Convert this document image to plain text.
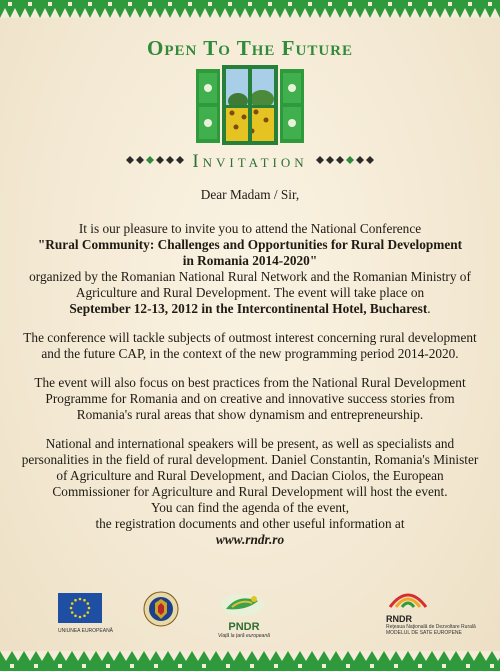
Open To The Future
Invitation

Dear Madam / Sir,

It is our pleasure to invite you to attend the National Conference

"Rural Community: Challenges and Opportunities for Rural Development

in Romania 2014-2020"

organized by the Romanian National Rural Network and the Romanian Ministry of

Agriculture and Rural Development. The event will take place on

September 12-13, 2012 in the Intercontinental Hotel, Bucharest.

The conference will tackle subjects of outmost interest concerning rural development

and the future CAP, in the context of the new programming period 2014-2020.

The event will also focus on best practices from the National Rural Development

Programme for Romania and on creative and innovative success stories from

Romania's rural areas that show dynamism and entrepreneurship.

National and international speakers will be present, as well as specialists and

personalities in the field of rural development. Daniel Constantin, Romania's Minister

of Agriculture and Rural Development, and Dacian Ciolos, the European

Commissioner for Agriculture and Rural Development will host the event.

You can find the agenda of the event,

the registration documents and other useful information at

www.rndr.ro

UNIUNEA EUROPEANĂ	PNDR
Viață la țară europeană
RNDR
Reţeaua Naţională de Dezvoltare Rurală
MODELUL DE SATE EUROPENE
